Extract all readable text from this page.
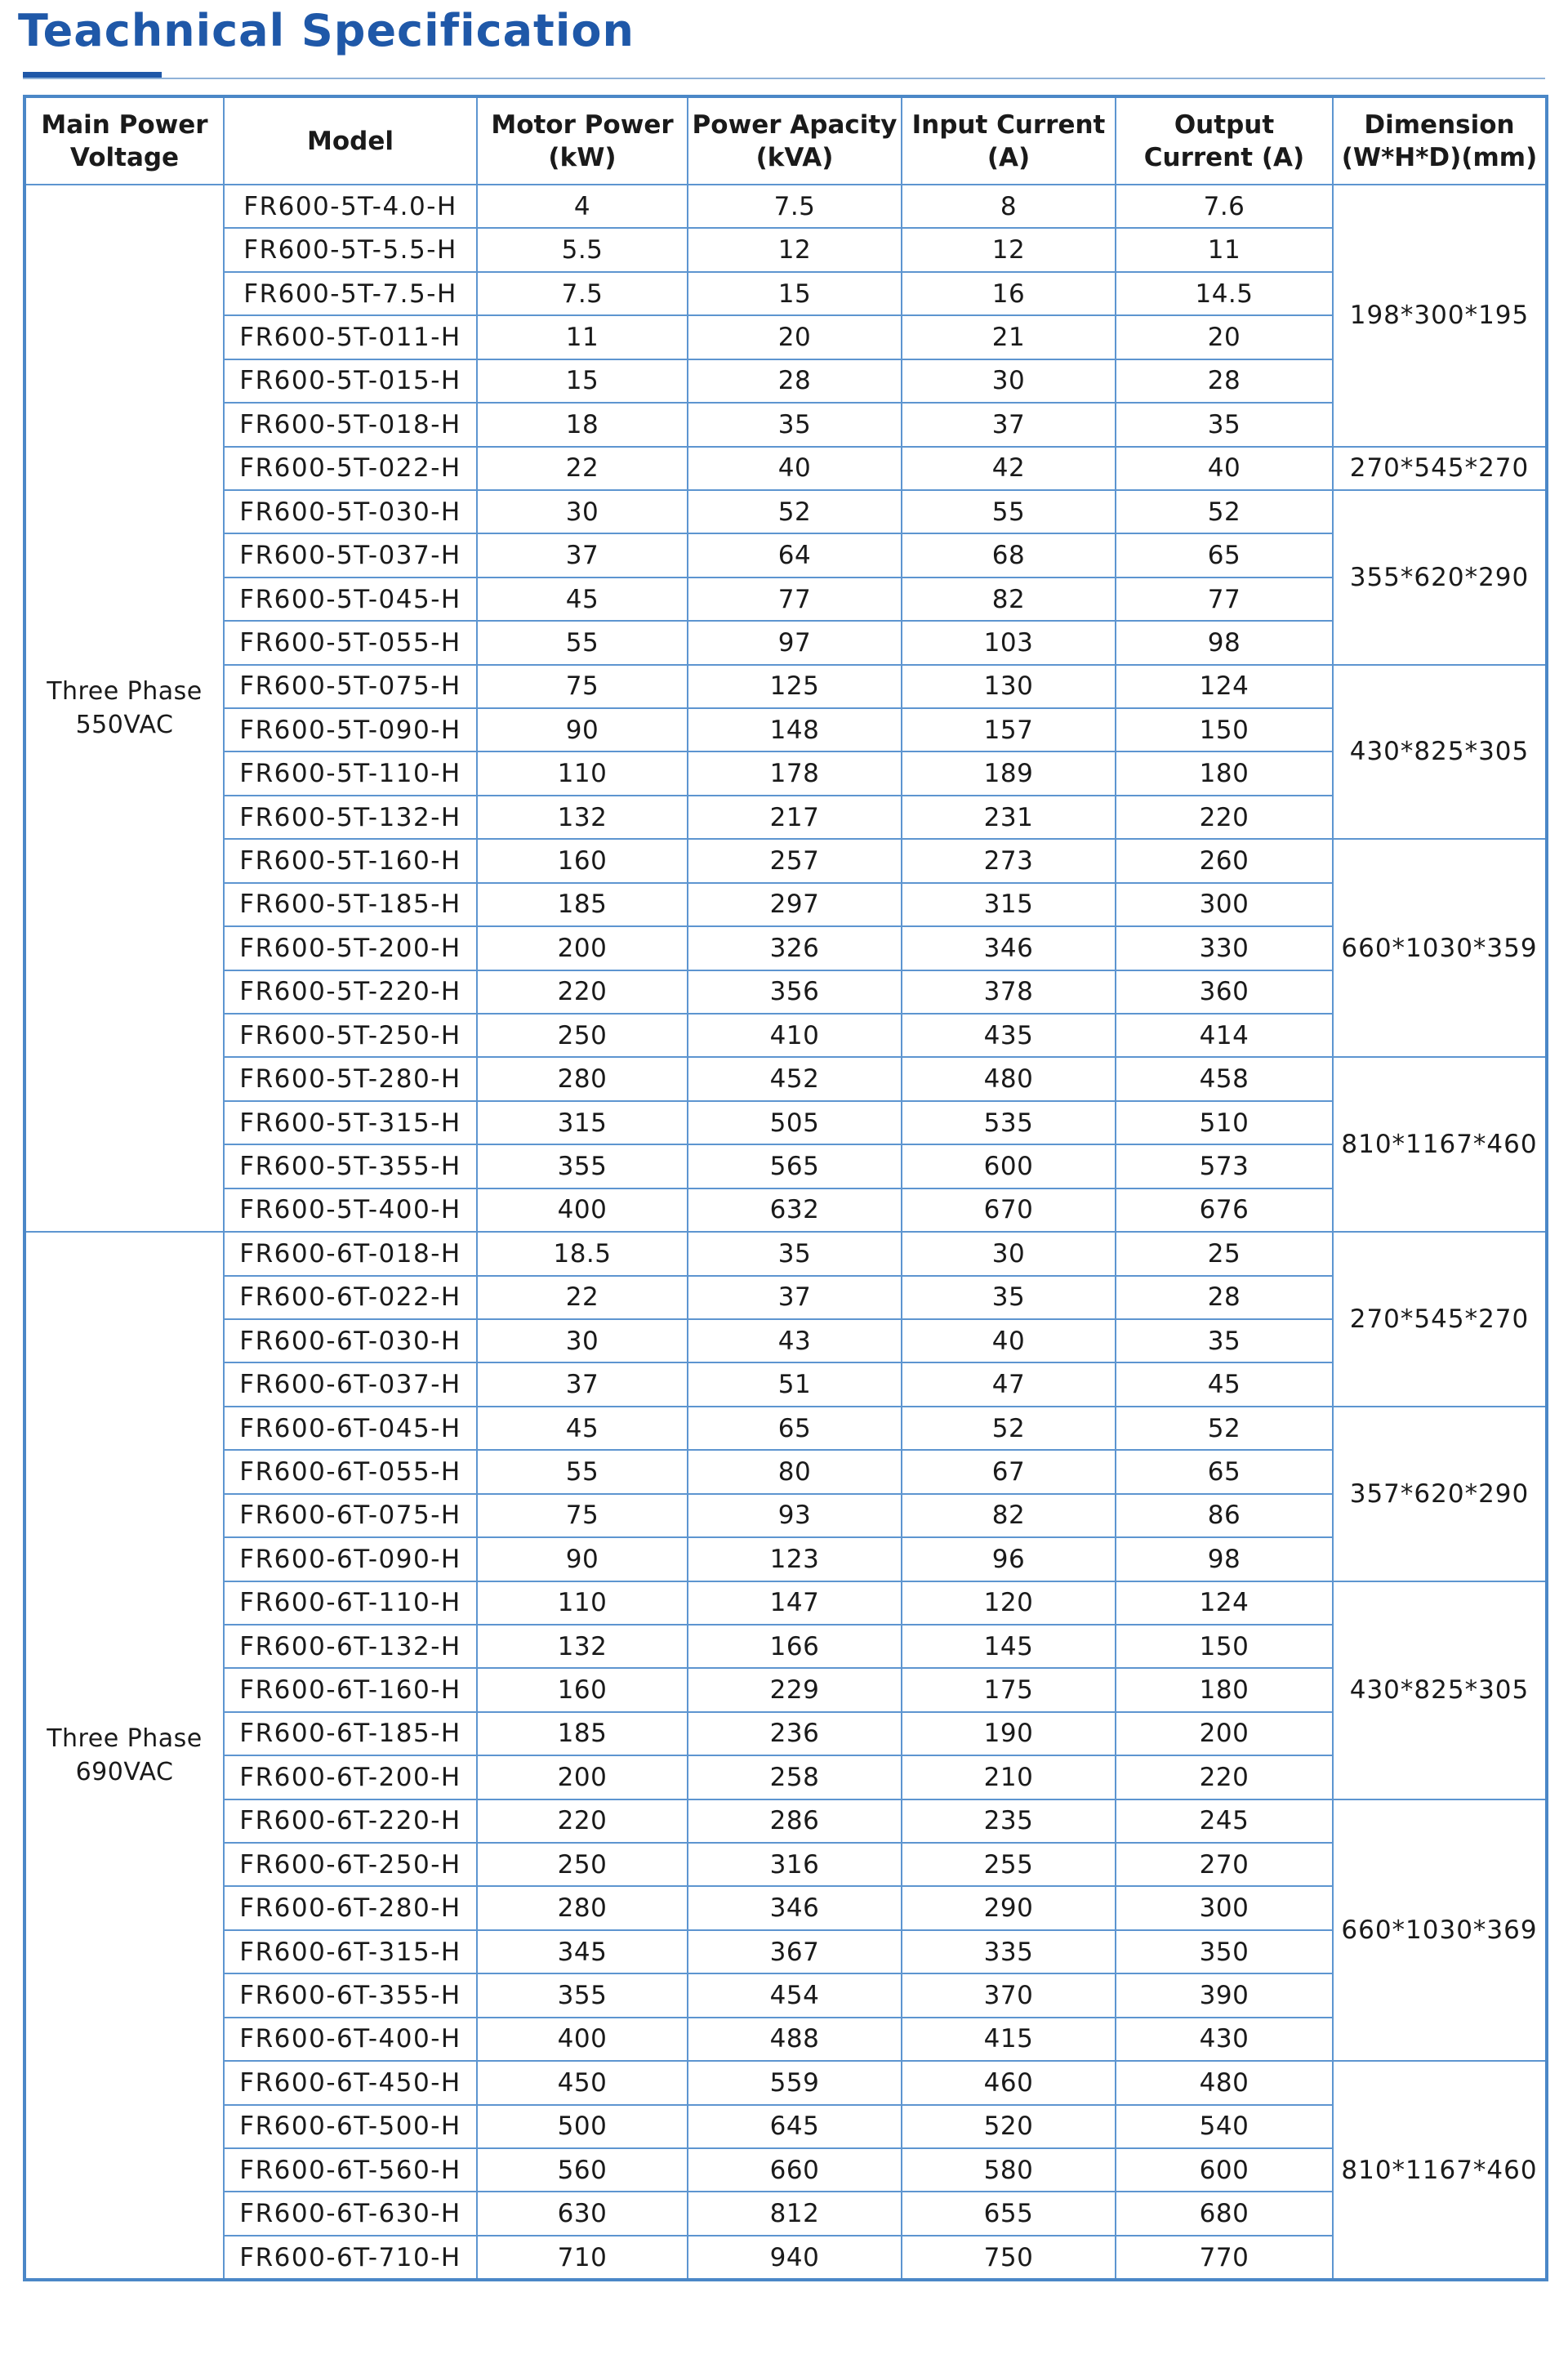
Teachnical Specification
Main Power Voltage	Model	Motor Power (kW)	Power Apacity (kVA)	Input Current (A)	Output Current (A)	Dimension (W*H*D)(mm)
Three Phase 550VAC	FR600-5T-4.0-H	4	7.5	8	7.6	198*300*195
	FR600-5T-5.5-H	5.5	12	12	11	
	FR600-5T-7.5-H	7.5	15	16	14.5	
	FR600-5T-011-H	11	20	21	20	
	FR600-5T-015-H	15	28	30	28	
	FR600-5T-018-H	18	35	37	35	
	FR600-5T-022-H	22	40	42	40	270*545*270
	FR600-5T-030-H	30	52	55	52	355*620*290
	FR600-5T-037-H	37	64	68	65	
	FR600-5T-045-H	45	77	82	77	
	FR600-5T-055-H	55	97	103	98	
	FR600-5T-075-H	75	125	130	124	430*825*305
	FR600-5T-090-H	90	148	157	150	
	FR600-5T-110-H	110	178	189	180	
	FR600-5T-132-H	132	217	231	220	
	FR600-5T-160-H	160	257	273	260	660*1030*359
	FR600-5T-185-H	185	297	315	300	
	FR600-5T-200-H	200	326	346	330	
	FR600-5T-220-H	220	356	378	360	
	FR600-5T-250-H	250	410	435	414	
	FR600-5T-280-H	280	452	480	458	810*1167*460
	FR600-5T-315-H	315	505	535	510	
	FR600-5T-355-H	355	565	600	573	
	FR600-5T-400-H	400	632	670	676	
Three Phase 690VAC	FR600-6T-018-H	18.5	35	30	25	270*545*270
	FR600-6T-022-H	22	37	35	28	
	FR600-6T-030-H	30	43	40	35	
	FR600-6T-037-H	37	51	47	45	
	FR600-6T-045-H	45	65	52	52	357*620*290
	FR600-6T-055-H	55	80	67	65	
	FR600-6T-075-H	75	93	82	86	
	FR600-6T-090-H	90	123	96	98	
	FR600-6T-110-H	110	147	120	124	430*825*305
	FR600-6T-132-H	132	166	145	150	
	FR600-6T-160-H	160	229	175	180	
	FR600-6T-185-H	185	236	190	200	
	FR600-6T-200-H	200	258	210	220	
	FR600-6T-220-H	220	286	235	245	660*1030*369
	FR600-6T-250-H	250	316	255	270	
	FR600-6T-280-H	280	346	290	300	
	FR600-6T-315-H	345	367	335	350	
	FR600-6T-355-H	355	454	370	390	
	FR600-6T-400-H	400	488	415	430	
	FR600-6T-450-H	450	559	460	480	810*1167*460
	FR600-6T-500-H	500	645	520	540	
	FR600-6T-560-H	560	660	580	600	
	FR600-6T-630-H	630	812	655	680	
	FR600-6T-710-H	710	940	750	770	
